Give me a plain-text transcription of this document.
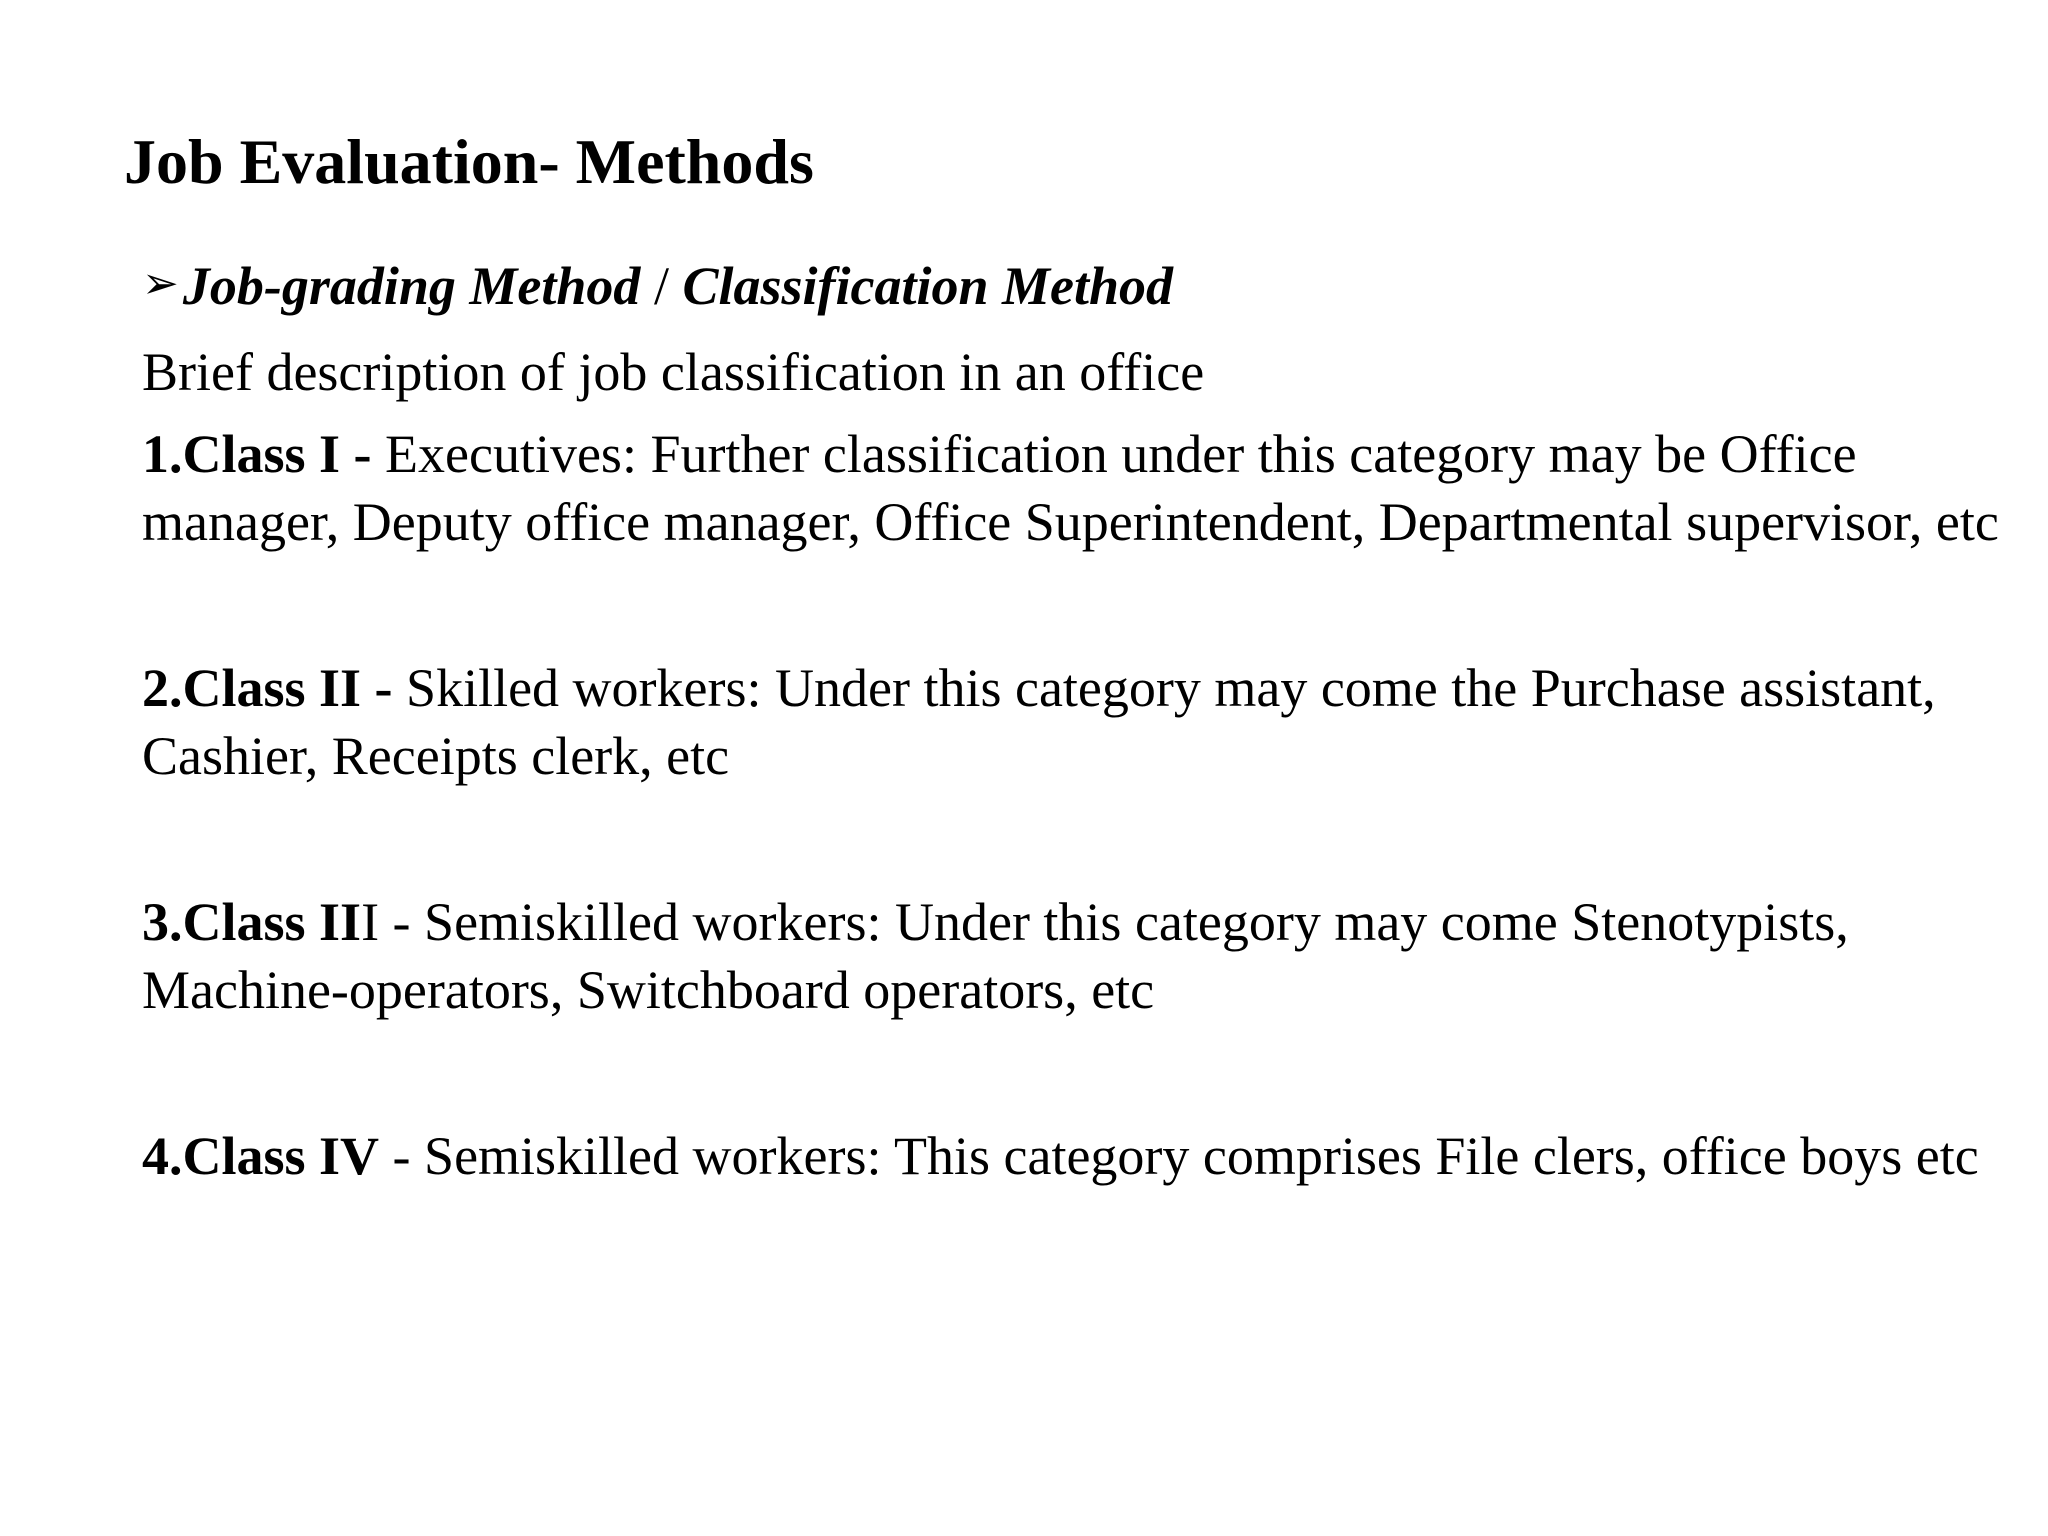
Job Evaluation- Methods
➢Job-grading Method / Classification Method
Brief description of job classification in an office
1.Class I - Executives: Further classification under this category may be Office manager, Deputy office manager, Office Superintendent, Departmental supervisor, etc
2.Class II - Skilled workers: Under this category may come the Purchase assistant, Cashier, Receipts clerk, etc
3.Class III - Semiskilled workers: Under this category may come Stenotypists, Machine-operators, Switchboard operators, etc
4.Class IV - Semiskilled workers: This category comprises File clers, office boys etc
